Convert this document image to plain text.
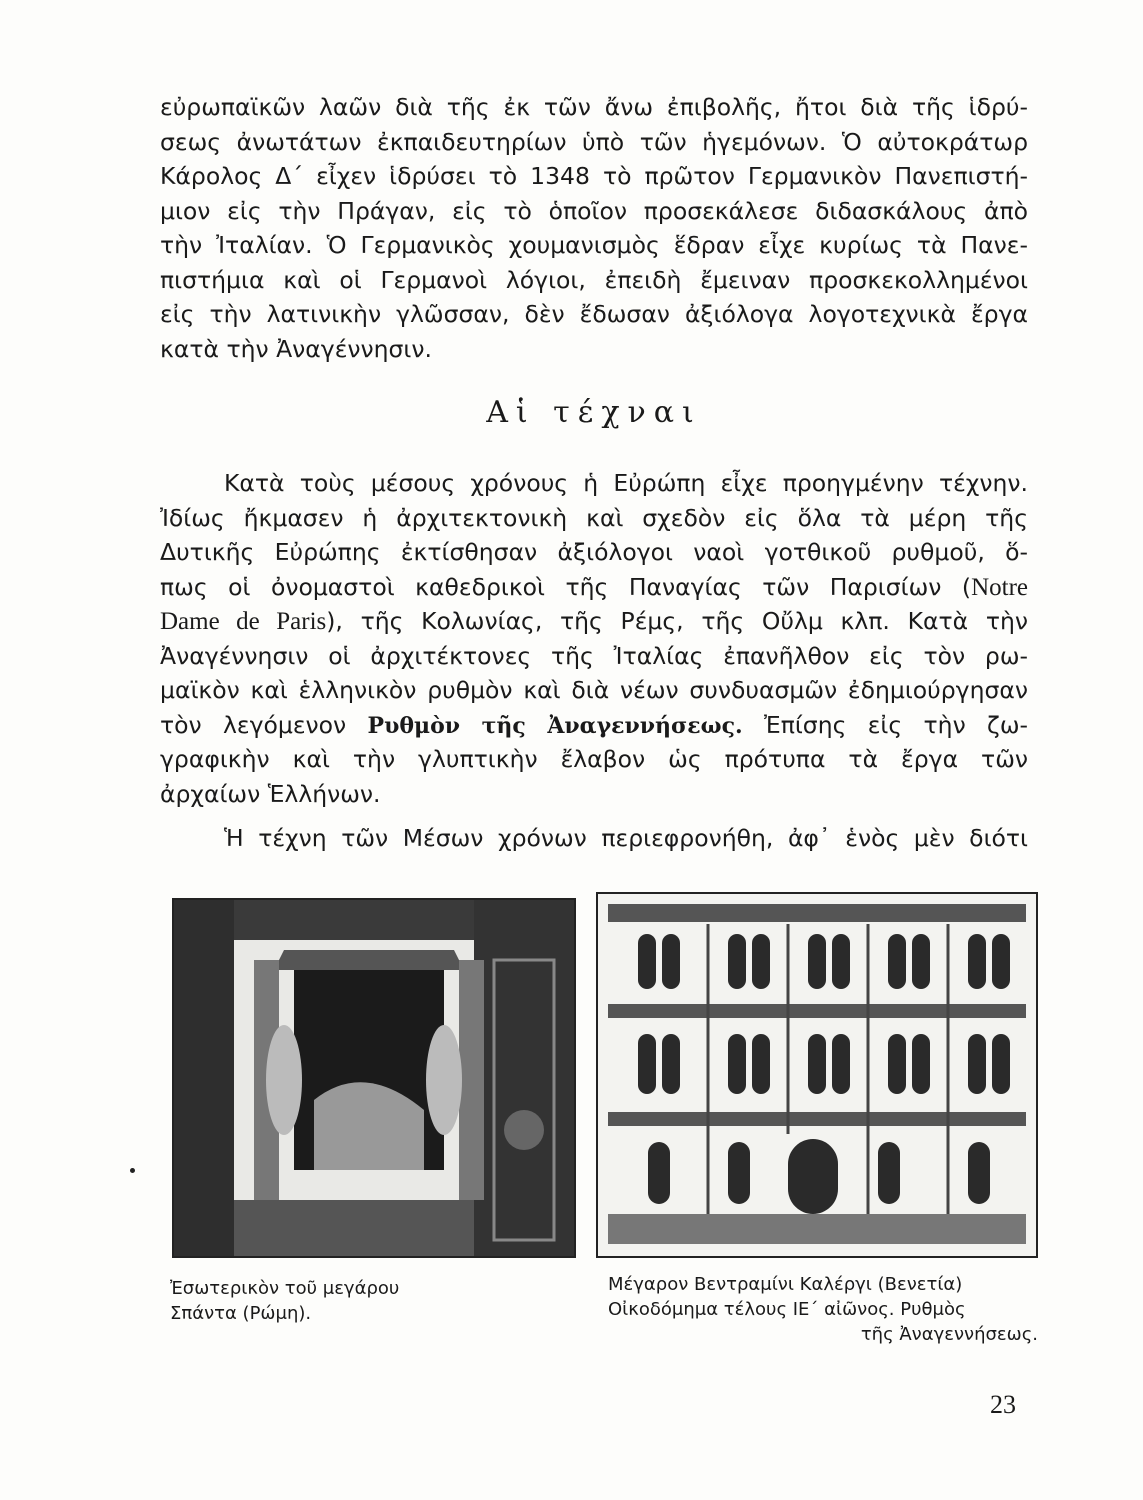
εὐρωπαϊκῶν λαῶν διὰ τῆς ἐκ τῶν ἄνω ἐπιβολῆς, ἤτοι διὰ τῆς ἱδρύ-
σεως ἀνωτάτων ἐκπαιδευτηρίων ὑπὸ τῶν ἡγεμόνων. Ὁ αὐτοκράτωρ
Κάρολος Δ΄ εἶχεν ἱδρύσει τὸ 1348 τὸ πρῶτον Γερμανικὸν Πανεπιστή-
μιον εἰς τὴν Πράγαν, εἰς τὸ ὁποῖον προσεκάλεσε διδασκάλους ἀπὸ
τὴν Ἰταλίαν. Ὁ Γερμανικὸς χουμανισμὸς ἕδραν εἶχε κυρίως τὰ Πανε-
πιστήμια καὶ οἱ Γερμανοὶ λόγιοι, ἐπειδὴ ἔμειναν προσκεκολλημένοι
εἰς τὴν λατινικὴν γλῶσσαν, δὲν ἔδωσαν ἀξιόλογα λογοτεχνικὰ ἔργα
κατὰ τὴν Ἀναγέννησιν.
Αἱ τέχναι
Κατὰ τοὺς μέσους χρόνους ἡ Εὐρώπη εἶχε προηγμένην τέχνην.
Ἰδίως ἤκμασεν ἡ ἀρχιτεκτονικὴ καὶ σχεδὸν εἰς ὅλα τὰ μέρη τῆς
Δυτικῆς Εὐρώπης ἐκτίσθησαν ἀξιόλογοι ναοὶ γοτθικοῦ ρυθμοῦ, ὅ-
πως οἱ ὀνομαστοὶ καθεδρικοὶ τῆς Παναγίας τῶν Παρισίων (Notre
Dame de Paris), τῆς Κολωνίας, τῆς Ρέμς, τῆς Οὔλμ κλπ. Κατὰ τὴν
Ἀναγέννησιν οἱ ἀρχιτέκτονες τῆς Ἰταλίας ἐπανῆλθον εἰς τὸν ρω-
μαϊκὸν καὶ ἑλληνικὸν ρυθμὸν καὶ διὰ νέων συνδυασμῶν ἐδημιούργησαν
τὸν λεγόμενον Ρυθμὸν τῆς Ἀναγεννήσεως. Ἐπίσης εἰς τὴν ζω-
γραφικὴν καὶ τὴν γλυπτικὴν ἔλαβον ὡς πρότυπα τὰ ἔργα τῶν
ἀρχαίων Ἑλλήνων.
Ἡ τέχνη τῶν Μέσων χρόνων περιεφρονήθη, ἀφ᾽ ἑνὸς μὲν διότι
Ἐσωτερικὸν τοῦ μεγάρου
Σπάντα (Ρώμη).
Μέγαρον Βεντραμίνι Καλέργι (Βενετία)
Οἰκοδόμημα τέλους ΙΕ΄ αἰῶνος. Ρυθμὸς
τῆς Ἀναγεννήσεως.
23
